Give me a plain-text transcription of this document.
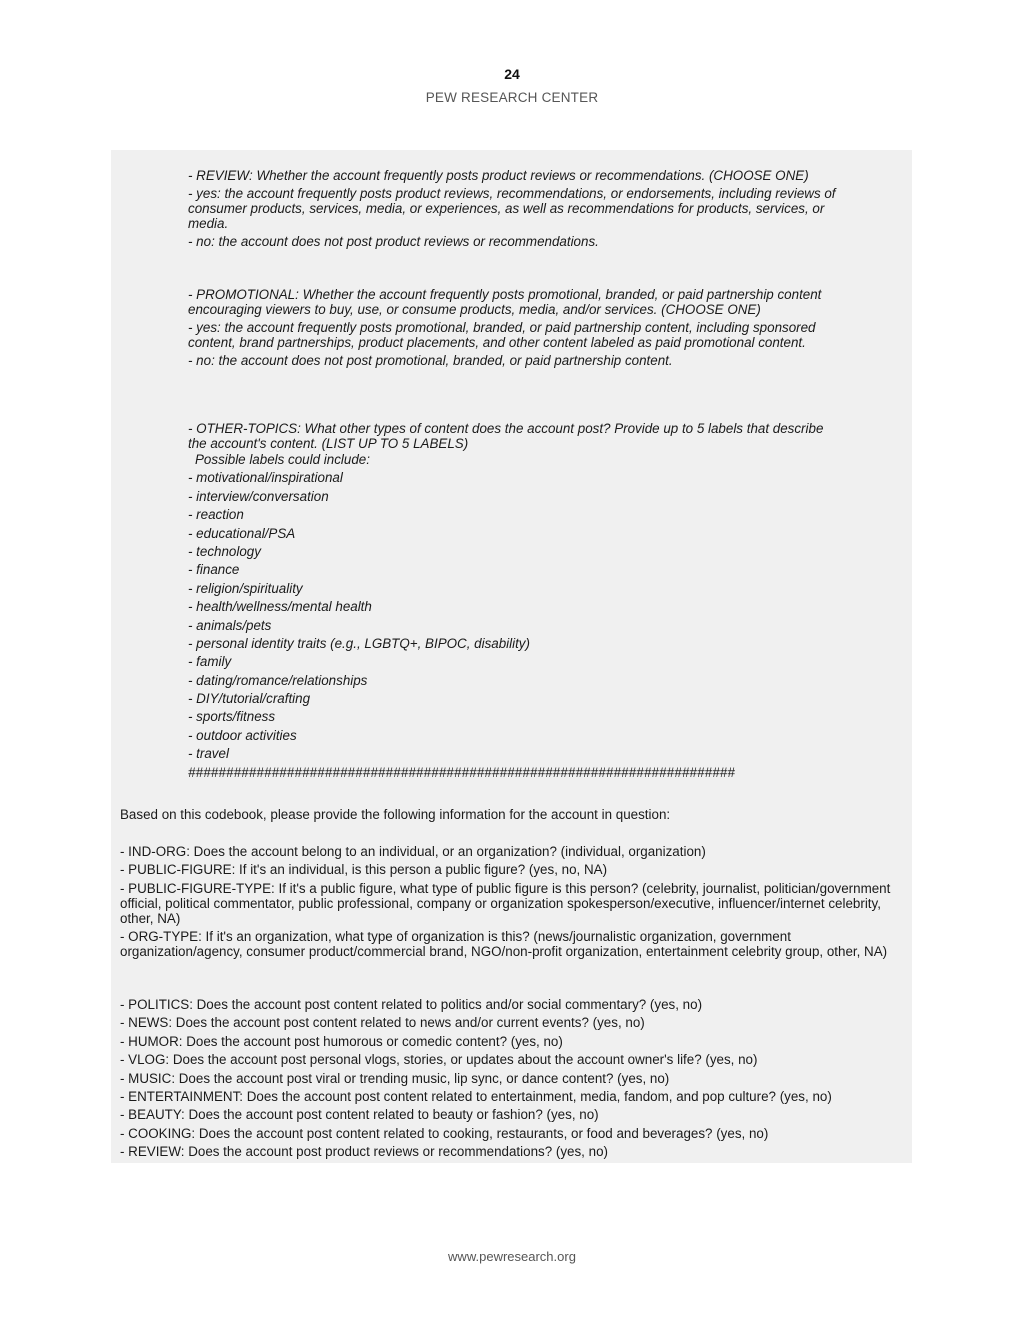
24
PEW RESEARCH CENTER

- REVIEW: Whether the account frequently posts product reviews or recommendations. (CHOOSE ONE)

- yes: the account frequently posts product reviews, recommendations, or endorsements, including reviews of consumer products, services, media, or experiences, as well as recommendations for products, services, or media.

- no: the account does not post product reviews or recommendations.

- PROMOTIONAL: Whether the account frequently posts promotional, branded, or paid partnership content encouraging viewers to buy, use, or consume products, media, and/or services. (CHOOSE ONE)

- yes: the account frequently posts promotional, branded, or paid partnership content, including sponsored content, brand partnerships, product placements, and other content labeled as paid promotional content.

- no: the account does not post promotional, branded, or paid partnership content.

- OTHER-TOPICS: What other types of content does the account post? Provide up to 5 labels that describe the account's content. (LIST UP TO 5 LABELS)

Possible labels could include:

- motivational/inspirational

- interview/conversation

- reaction

- educational/PSA

- technology

- finance

- religion/spirituality

- health/wellness/mental health

- animals/pets

- personal identity traits (e.g., LGBTQ+, BIPOC, disability)

- family

- dating/romance/relationships

- DIY/tutorial/crafting

- sports/fitness

- outdoor activities

- travel

########################################################################

Based on this codebook, please provide the following information for the account in question:

- IND-ORG: Does the account belong to an individual, or an organization? (individual, organization)

- PUBLIC-FIGURE: If it's an individual, is this person a public figure? (yes, no, NA)

- PUBLIC-FIGURE-TYPE: If it's a public figure, what type of public figure is this person? (celebrity, journalist, politician/government official, political commentator, public professional, company or organization spokesperson/executive, influencer/internet celebrity, other, NA)

- ORG-TYPE: If it's an organization, what type of organization is this? (news/journalistic organization, government organization/agency, consumer product/commercial brand, NGO/non-profit organization, entertainment celebrity group, other, NA)

- POLITICS: Does the account post content related to politics and/or social commentary? (yes, no)

- NEWS: Does the account post content related to news and/or current events? (yes, no)

- HUMOR: Does the account post humorous or comedic content? (yes, no)

- VLOG: Does the account post personal vlogs, stories, or updates about the account owner's life? (yes, no)

- MUSIC: Does the account post viral or trending music, lip sync, or dance content? (yes, no)

- ENTERTAINMENT: Does the account post content related to entertainment, media, fandom, and pop culture? (yes, no)

- BEAUTY: Does the account post content related to beauty or fashion? (yes, no)

- COOKING: Does the account post content related to cooking, restaurants, or food and beverages? (yes, no)

- REVIEW: Does the account post product reviews or recommendations? (yes, no)

www.pewresearch.org
